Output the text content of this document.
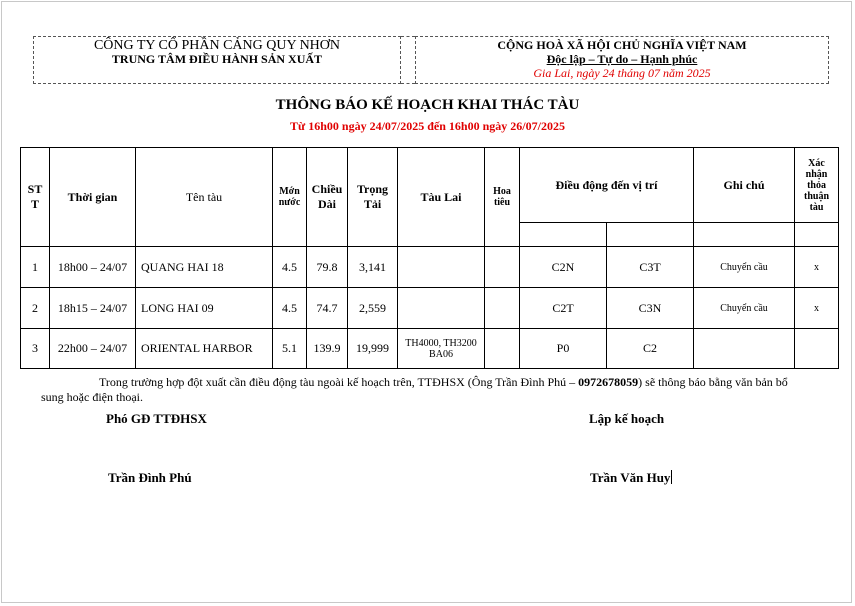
CÔNG TY CỔ PHẦN CẢNG QUY NHƠN
TRUNG TÂM ĐIỀU HÀNH SẢN XUẤT
CỘNG HOÀ XÃ HỘI CHỦ NGHĨA VIỆT NAM
Độc lập – Tự do – Hạnh phúc
Gia Lai, ngày 24 tháng 07 năm 2025
THÔNG BÁO KẾ HOẠCH KHAI THÁC TÀU
Từ 16h00 ngày 24/07/2025 đến 16h00 ngày 26/07/2025
ST T	Thời gian	Tên tàu	Mớn nước	Chiều Dài	Trọng Tải	Tàu Lai	Hoa tiêu	Điều động đến vị trí		Ghi chú	Xác nhận thỏa thuận tàu

1	18h00 – 24/07	QUANG HAI 18	4.5	79.8	3,141			C2N	C3T	Chuyển cầu	x
2	18h15 – 24/07	LONG HAI 09	4.5	74.7	2,559			C2T	C3N	Chuyển cầu	x
3	22h00 – 24/07	ORIENTAL HARBOR	5.1	139.9	19,999	TH4000, TH3200 BA06		P0	C2		
Trong trường hợp đột xuất cần điều động tàu ngoài kế hoạch trên, TTĐHSX (Ông Trần Đình Phú – 0972678059) sẽ thông báo bằng văn bản bổ sung hoặc điện thoại.
Phó GĐ TTĐHSX	Lập kế hoạch
Trần Đình Phú	Trần Văn Huy
